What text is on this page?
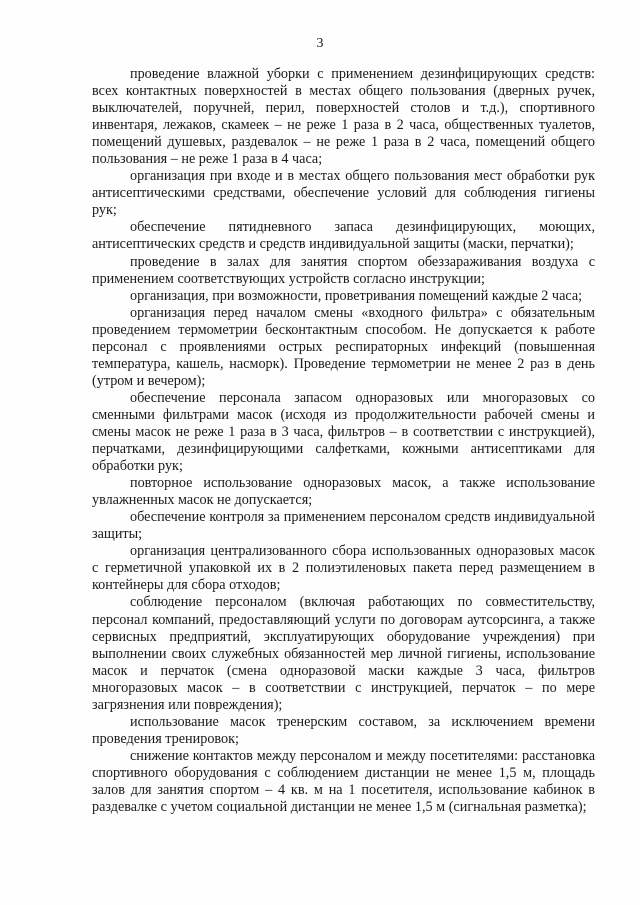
3

проведение влажной уборки с применением дезинфицирующих средств: всех контактных поверхностей в местах общего пользования (дверных ручек, выключателей, поручней, перил, поверхностей столов и т.д.), спортивного инвентаря, лежаков, скамеек – не реже 1 раза в 2 часа, общественных туалетов, помещений душевых, раздевалок – не реже 1 раза в 2 часа, помещений общего пользования – не реже 1 раза в 4 часа;

организация при входе и в местах общего пользования мест обработки рук антисептическими средствами, обеспечение условий для соблюдения гигиены рук;

обеспечение пятидневного запаса дезинфицирующих, моющих, антисептических средств и средств индивидуальной защиты (маски, перчатки);

проведение в залах для занятия спортом обеззараживания воздуха с применением соответствующих устройств согласно инструкции;

организация, при возможности, проветривания помещений каждые 2 часа;

организация перед началом смены «входного фильтра» с обязательным проведением термометрии бесконтактным способом. Не допускается к работе персонал с проявлениями острых респираторных инфекций (повышенная температура, кашель, насморк). Проведение термометрии не менее 2 раз в день (утром и вечером);

обеспечение персонала запасом одноразовых или многоразовых со сменными фильтрами масок (исходя из продолжительности рабочей смены и смены масок не реже 1 раза в 3 часа, фильтров – в соответствии с инструкцией), перчатками, дезинфицирующими салфетками, кожными антисептиками для обработки рук;

повторное использование одноразовых масок, а также использование увлажненных масок не допускается;

обеспечение контроля за применением персоналом средств индивидуальной защиты;

организация централизованного сбора использованных одноразовых масок с герметичной упаковкой их в 2 полиэтиленовых пакета перед размещением в контейнеры для сбора отходов;

соблюдение персоналом (включая работающих по совместительству, персонал компаний, предоставляющий услуги по договорам аутсорсинга, а также сервисных предприятий, эксплуатирующих оборудование учреждения) при выполнении своих служебных обязанностей мер личной гигиены, использование масок и перчаток (смена одноразовой маски каждые 3 часа, фильтров многоразовых масок – в соответствии с инструкцией, перчаток – по мере загрязнения или повреждения);

использование масок тренерским составом, за исключением времени проведения тренировок;

снижение контактов между персоналом и между посетителями: расстановка спортивного оборудования с соблюдением дистанции не менее 1,5 м, площадь залов для занятия спортом – 4 кв. м на 1 посетителя, использование кабинок в раздевалке с учетом социальной дистанции не менее 1,5 м (сигнальная разметка);
